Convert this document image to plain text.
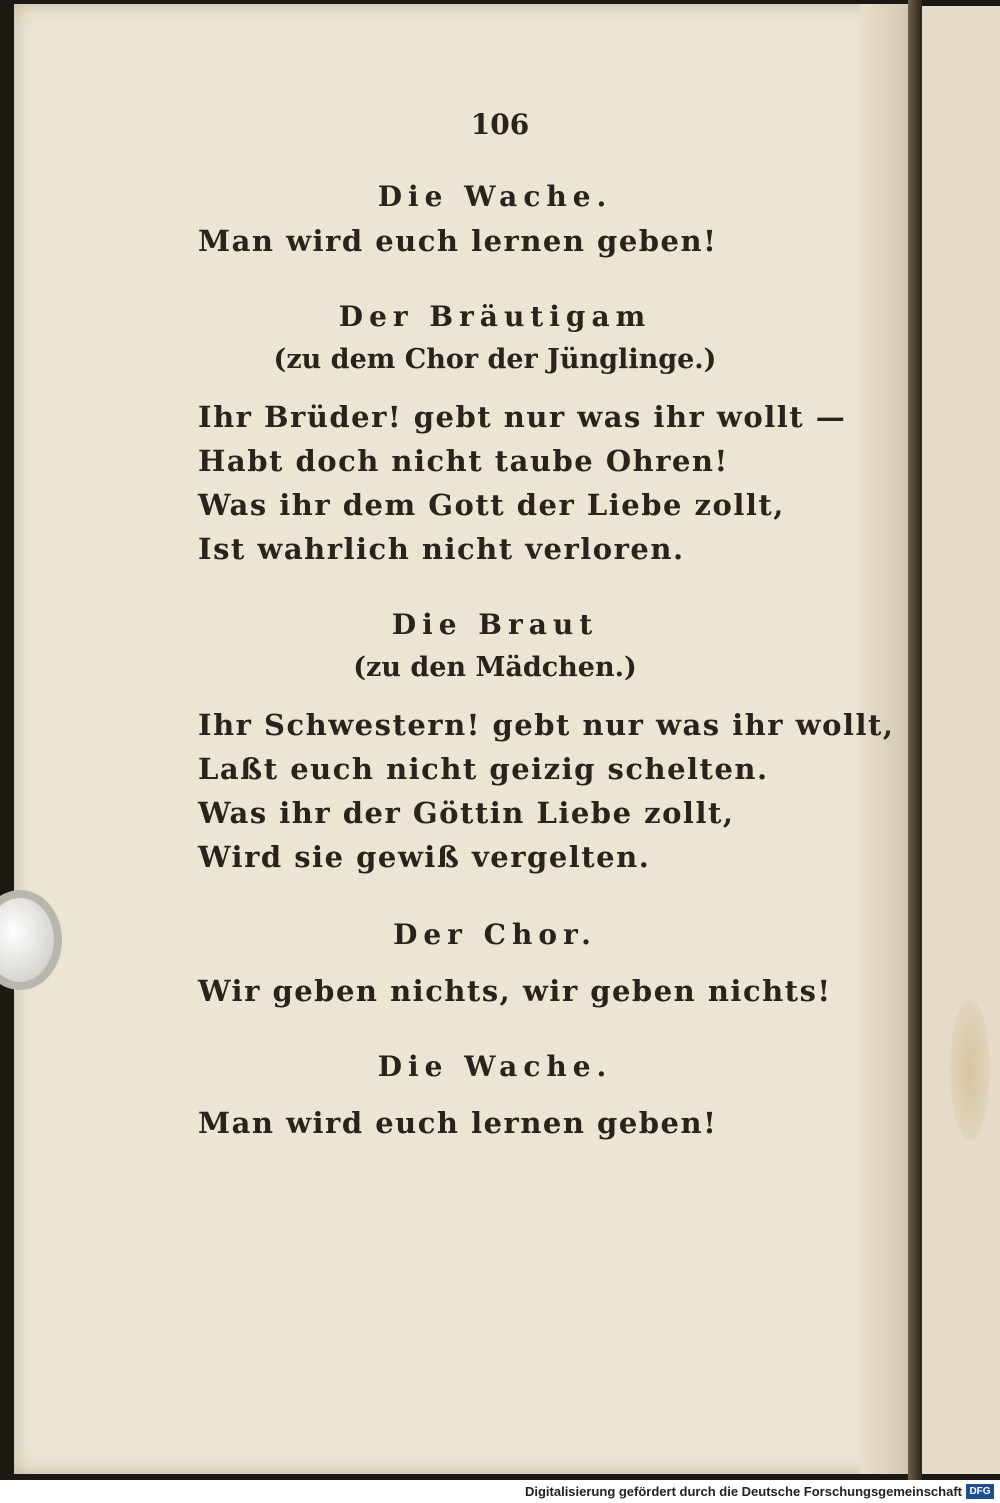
106
Die Wache.
Man wird euch lernen geben!
Der Bräutigam
(zu dem Chor der Jünglinge.)
Ihr Brüder! gebt nur was ihr wollt —
Habt doch nicht taube Ohren!
Was ihr dem Gott der Liebe zollt,
Ist wahrlich nicht verloren.
Die Braut
(zu den Mädchen.)
Ihr Schwestern! gebt nur was ihr wollt,
Laßt euch nicht geizig schelten.
Was ihr der Göttin Liebe zollt,
Wird sie gewiß vergelten.
Der Chor.
Wir geben nichts, wir geben nichts!
Die Wache.
Man wird euch lernen geben!
Digitalisierung gefördert durch die Deutsche Forschungsgemeinschaft DFG
